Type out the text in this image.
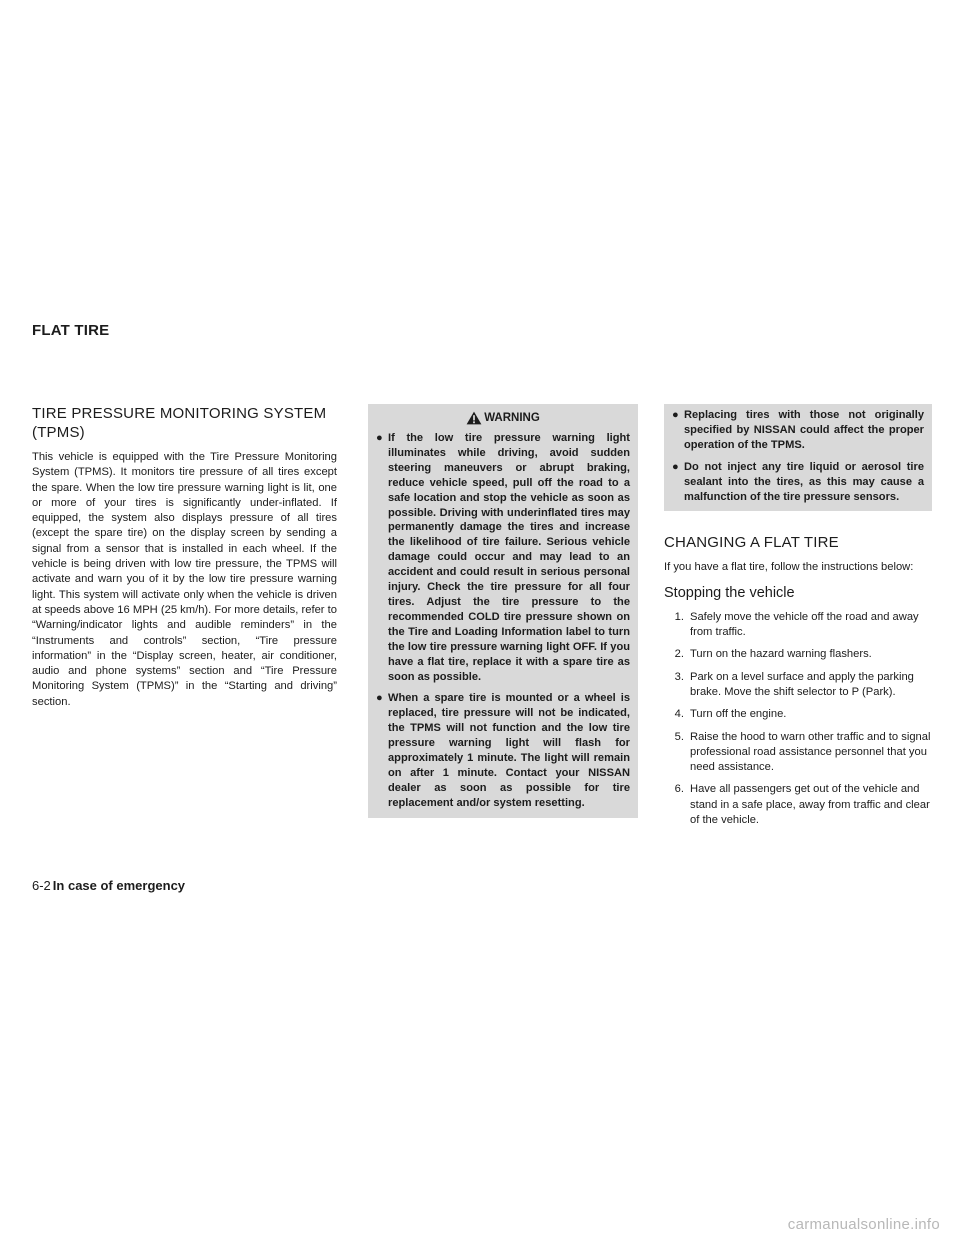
FLAT TIRE
TIRE PRESSURE MONITORING SYSTEM (TPMS)

This vehicle is equipped with the Tire Pressure Monitoring System (TPMS). It monitors tire pressure of all tires except the spare. When the low tire pressure warning light is lit, one or more of your tires is significantly under-inflated. If equipped, the system also displays pressure of all tires (except the spare tire) on the display screen by sending a signal from a sensor that is installed in each wheel. If the vehicle is being driven with low tire pressure, the TPMS will activate and warn you of it by the low tire pressure warning light. This system will activate only when the vehicle is driven at speeds above 16 MPH (25 km/h). For more details, refer to “Warning/indicator lights and audible reminders” in the “Instruments and controls” section, “Tire pressure information” in the “Display screen, heater, air conditioner, audio and phone systems” section and “Tire Pressure Monitoring System (TPMS)” in the “Starting and driving” section.

WARNING
● If the low tire pressure warning light illuminates while driving, avoid sudden steering maneuvers or abrupt braking, reduce vehicle speed, pull off the road to a safe location and stop the vehicle as soon as possible. Driving with underinflated tires may permanently damage the tires and increase the likelihood of tire failure. Serious vehicle damage could occur and may lead to an accident and could result in serious personal injury. Check the tire pressure for all four tires. Adjust the tire pressure to the recommended COLD tire pressure shown on the Tire and Loading Information label to turn the low tire pressure warning light OFF. If you have a flat tire, replace it with a spare tire as soon as possible.
● When a spare tire is mounted or a wheel is replaced, tire pressure will not be indicated, the TPMS will not function and the low tire pressure warning light will flash for approximately 1 minute. The light will remain on after 1 minute. Contact your NISSAN dealer as soon as possible for tire replacement and/or system resetting.
● Replacing tires with those not originally specified by NISSAN could affect the proper operation of the TPMS.
● Do not inject any tire liquid or aerosol tire sealant into the tires, as this may cause a malfunction of the tire pressure sensors.
CHANGING A FLAT TIRE

If you have a flat tire, follow the instructions below:

Stopping the vehicle
1. Safely move the vehicle off the road and away from traffic.
2. Turn on the hazard warning flashers.
3. Park on a level surface and apply the parking brake. Move the shift selector to P (Park).
4. Turn off the engine.
5. Raise the hood to warn other traffic and to signal professional road assistance personnel that you need assistance.
6. Have all passengers get out of the vehicle and stand in a safe place, away from traffic and clear of the vehicle.
6-2 In case of emergency
carmanualsonline.info
